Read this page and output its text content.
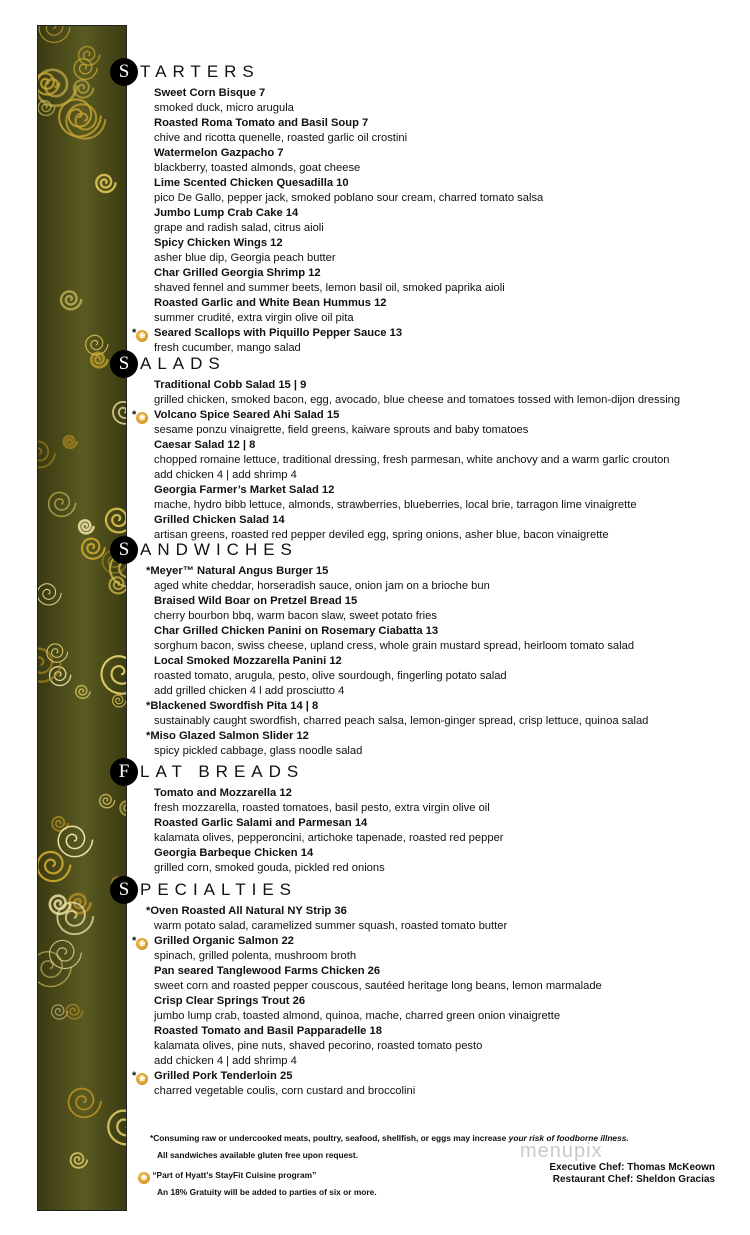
S TARTERS
Sweet Corn Bisque 7
smoked duck, micro arugula
Roasted Roma Tomato and Basil Soup 7
chive and ricotta quenelle, roasted garlic oil crostini
Watermelon Gazpacho 7
blackberry, toasted almonds, goat cheese
Lime Scented Chicken Quesadilla 10
pico De Gallo, pepper jack, smoked poblano sour cream, charred tomato salsa
Jumbo Lump Crab Cake 14
grape and radish salad, citrus aioli
Spicy Chicken Wings 12
asher blue dip, Georgia peach butter
Char Grilled Georgia Shrimp 12
shaved fennel and summer beets, lemon basil oil, smoked paprika aioli
Roasted Garlic and White Bean Hummus 12
summer crudité, extra virgin olive oil pita
* ❀ Seared Scallops with Piquillo Pepper Sauce 13
fresh cucumber, mango salad
S ALADS
Traditional Cobb Salad 15 | 9
grilled chicken, smoked bacon, egg, avocado, blue cheese and tomatoes tossed with lemon-dijon dressing
* ❀ Volcano Spice Seared Ahi Salad 15
sesame ponzu vinaigrette, field greens, kaiware sprouts and baby tomatoes
Caesar Salad 12 | 8
chopped romaine lettuce, traditional dressing, fresh parmesan, white anchovy and a warm garlic crouton
add chicken 4 | add shrimp 4
Georgia Farmer’s Market Salad 12
mache, hydro bibb lettuce, almonds, strawberries, blueberries, local brie, tarragon lime vinaigrette
Grilled Chicken Salad 14
artisan greens, roasted red pepper deviled egg, spring onions, asher blue, bacon vinaigrette
S ANDWICHES
*Meyer™ Natural Angus Burger 15
aged white cheddar, horseradish sauce, onion jam on a brioche bun
Braised Wild Boar on Pretzel Bread 15
cherry bourbon bbq, warm bacon slaw, sweet potato fries
Char Grilled Chicken Panini on Rosemary Ciabatta 13
sorghum bacon, swiss cheese, upland cress, whole grain mustard spread, heirloom tomato salad
Local Smoked Mozzarella Panini 12
roasted tomato, arugula, pesto, olive sourdough, fingerling potato salad
add grilled chicken 4 l add prosciutto 4
*Blackened Swordfish Pita 14 | 8
sustainably caught swordfish, charred peach salsa, lemon-ginger spread, crisp lettuce, quinoa salad
*Miso Glazed Salmon Slider 12
spicy pickled cabbage, glass noodle salad
F LAT BREADS
Tomato and Mozzarella 12
fresh mozzarella, roasted tomatoes, basil pesto, extra virgin olive oil
Roasted Garlic Salami and Parmesan 14
kalamata olives, pepperoncini, artichoke tapenade, roasted red pepper
Georgia Barbeque Chicken 14
grilled corn, smoked gouda, pickled red onions
S PECIALTIES
*Oven Roasted All Natural NY Strip 36
warm potato salad, caramelized summer squash, roasted tomato butter
* ❀ Grilled Organic Salmon 22
spinach, grilled polenta, mushroom broth
Pan seared Tanglewood Farms Chicken 26
sweet corn and roasted pepper couscous, sautéed heritage long beans, lemon marmalade
Crisp Clear Springs Trout 26
jumbo lump crab, toasted almond, quinoa, mache, charred green onion vinaigrette
Roasted Tomato and Basil Papparadelle 18
kalamata olives, pine nuts, shaved pecorino, roasted tomato pesto
add chicken 4 | add shrimp 4
* ❀ Grilled Pork Tenderloin 25
charred vegetable coulis, corn custard and broccolini
*Consuming raw or undercooked meats, poultry, seafood, shellfish, or eggs may increase your risk of foodborne illness.
All sandwiches available gluten free upon request.
❀ “Part of Hyatt’s StayFit Cuisine program”
An 18% Gratuity will be added to parties of six or more.
Executive Chef: Thomas McKeown
Restaurant Chef: Sheldon Gracias
menupix
